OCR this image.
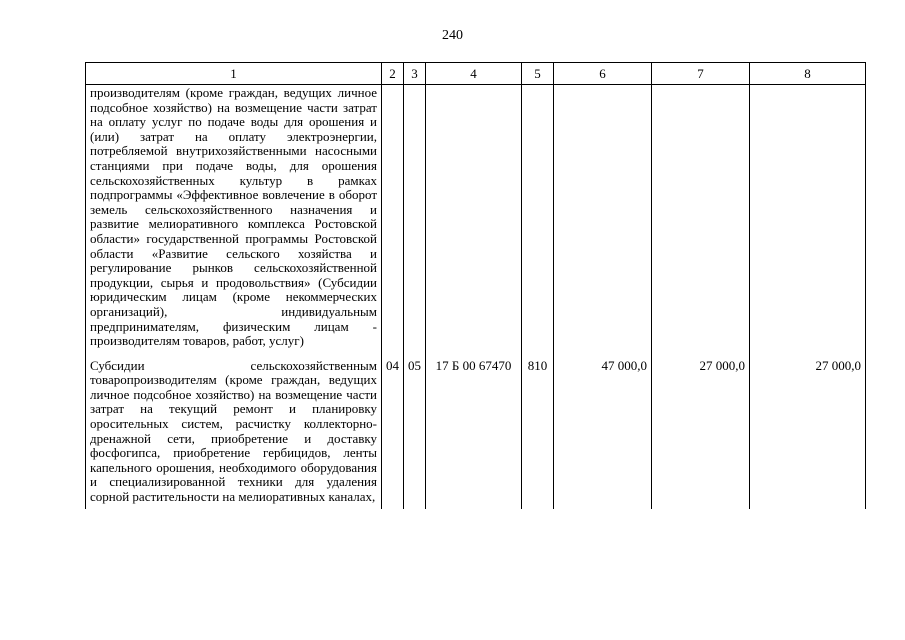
240
1	2	3	4	5	6	7	8
производителям (кроме граждан, ведущих личное подсобное хозяйство) на возмещение части затрат на оплату услуг по подаче воды для орошения и (или) затрат на оплату электроэнергии, потребляемой внутрихозяйственными насосными станциями при подаче воды, для орошения сельскохозяйственных культур в рамках подпрограммы «Эффективное вовлечение в оборот земель сельскохозяйственного назначения и развитие мелиоративного комплекса Ростовской области» государственной программы Ростовской области «Развитие сельского хозяйства и регулирование рынков сельскохозяйственной продукции, сырья и продовольствия» (Субсидии юридическим лицам (кроме некоммерческих организаций), индивидуальным предпринимателям, физическим лицам - производителям товаров, работ, услуг)							
Субсидии сельскохозяйственным товаропроизводителям (кроме граждан, ведущих личное подсобное хозяйство) на возмещение части затрат на текущий ремонт и планировку оросительных систем, расчистку коллекторно-дренажной сети, приобретение и доставку фосфогипса, приобретение гербицидов, ленты капельного орошения, необходимого оборудования и специализированной техники для удаления сорной растительности на мелиоративных каналах,	04	05	17 Б 00 67470	810	47 000,0	27 000,0	27 000,0
